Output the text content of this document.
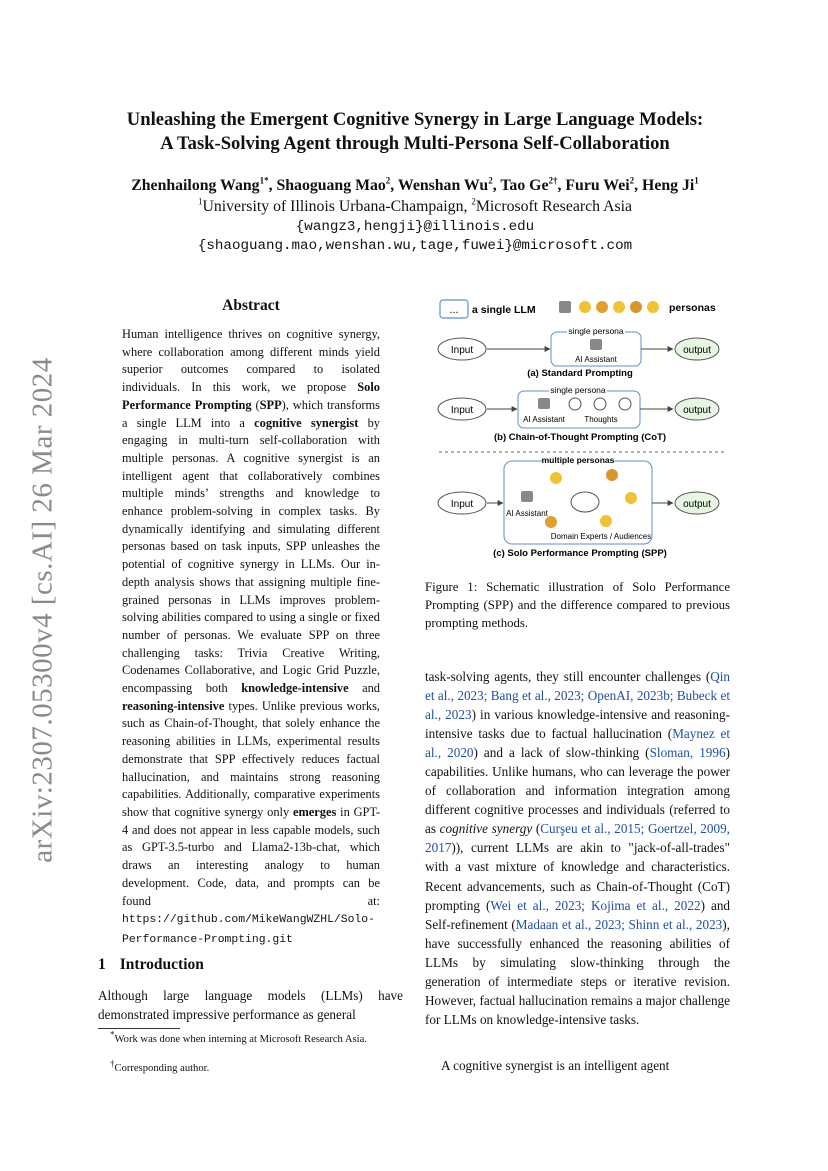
arXiv:2307.05300v4 [cs.AI] 26 Mar 2024
Unleashing the Emergent Cognitive Synergy in Large Language Models:
A Task-Solving Agent through Multi-Persona Self-Collaboration
Zhenhailong Wang$^{1*}$, Shaoguang Mao$^2$, Wenshan Wu$^2$, Tao $Ge^{2\dagger}$, Furu Wei$^2$, Heng Ji$^1$
$^1$University of Illinois Urbana-Champaign, $^2$Microsoft Research Asia
{wangz3,hengji}@illinois.edu
{shaoguang.mao,wenshan.wu,tage,fuwei}@microsoft.com
Abstract
Human intelligence thrives on cognitive synergy, where collaboration among different minds yield superior outcomes compared to isolated individuals. In this work, we propose Solo Performance Prompting (SPP), which transforms a single LLM into a cognitive synergist by engaging in multi-turn self-collaboration with multiple personas. A cognitive synergist is an intelligent agent that collaboratively combines multiple minds’ strengths and knowledge to enhance problem-solving in complex tasks. By dynamically identifying and simulating different personas based on task inputs, SPP unleashes the potential of cognitive synergy in LLMs. Our in-depth analysis shows that assigning multiple fine-grained personas in LLMs improves problem-solving abilities compared to using a single or fixed number of personas. We evaluate SPP on three challenging tasks: Trivia Creative Writing, Codenames Collaborative, and Logic Grid Puzzle, encompassing both knowledge-intensive and reasoning-intensive types. Unlike previous works, such as Chain-of-Thought, that solely enhance the reasoning abilities in LLMs, experimental results demonstrate that SPP effectively reduces factual hallucination, and maintains strong reasoning capabilities. Additionally, comparative experiments show that cognitive synergy only emerges in GPT-4 and does not appear in less capable models, such as GPT-3.5-turbo and Llama2-13b-chat, which draws an interesting analogy to human development. Code, data, and prompts can be found at: https://github.com/MikeWangWZHL/Solo-Performance-Prompting.git
1 Introduction
Although large language models (LLMs) have demonstrated impressive performance as general
*Work was done when interning at Microsoft Research Asia.
†Corresponding author.
... a single LLM	personas
Input
single persona
AI Assistant
output
(a) Standard Prompting
Input
single persona
AI Assistant Thoughts
output
(b) Chain-of-Thought Prompting (CoT)
Input
multiple personas
AI Assistant
Domain Experts / Audiences
output
(c) Solo Performance Prompting (SPP)
Figure 1: Schematic illustration of Solo Performance Prompting (SPP) and the difference compared to previous prompting methods.
task-solving agents, they still encounter challenges (Qin et al., 2023; Bang et al., 2023; OpenAI, 2023b; Bubeck et al., 2023) in various knowledge-intensive and reasoning-intensive tasks due to factual hallucination (Maynez et al., 2020) and a lack of slow-thinking (Sloman, 1996) capabilities. Unlike humans, who can leverage the power of collaboration and information integration among different cognitive processes and individuals (referred to as cognitive synergy (Curşeu et al., 2015; Goertzel, 2009, 2017)), current LLMs are akin to "jack-of-all-trades" with a vast mixture of knowledge and characteristics. Recent advancements, such as Chain-of-Thought (CoT) prompting (Wei et al., 2023; Kojima et al., 2022) and Self-refinement (Madaan et al., 2023; Shinn et al., 2023), have successfully enhanced the reasoning abilities of LLMs by simulating slow-thinking through the generation of intermediate steps or iterative revision. However, factual hallucination remains a major challenge for LLMs on knowledge-intensive tasks.
A cognitive synergist is an intelligent agent
